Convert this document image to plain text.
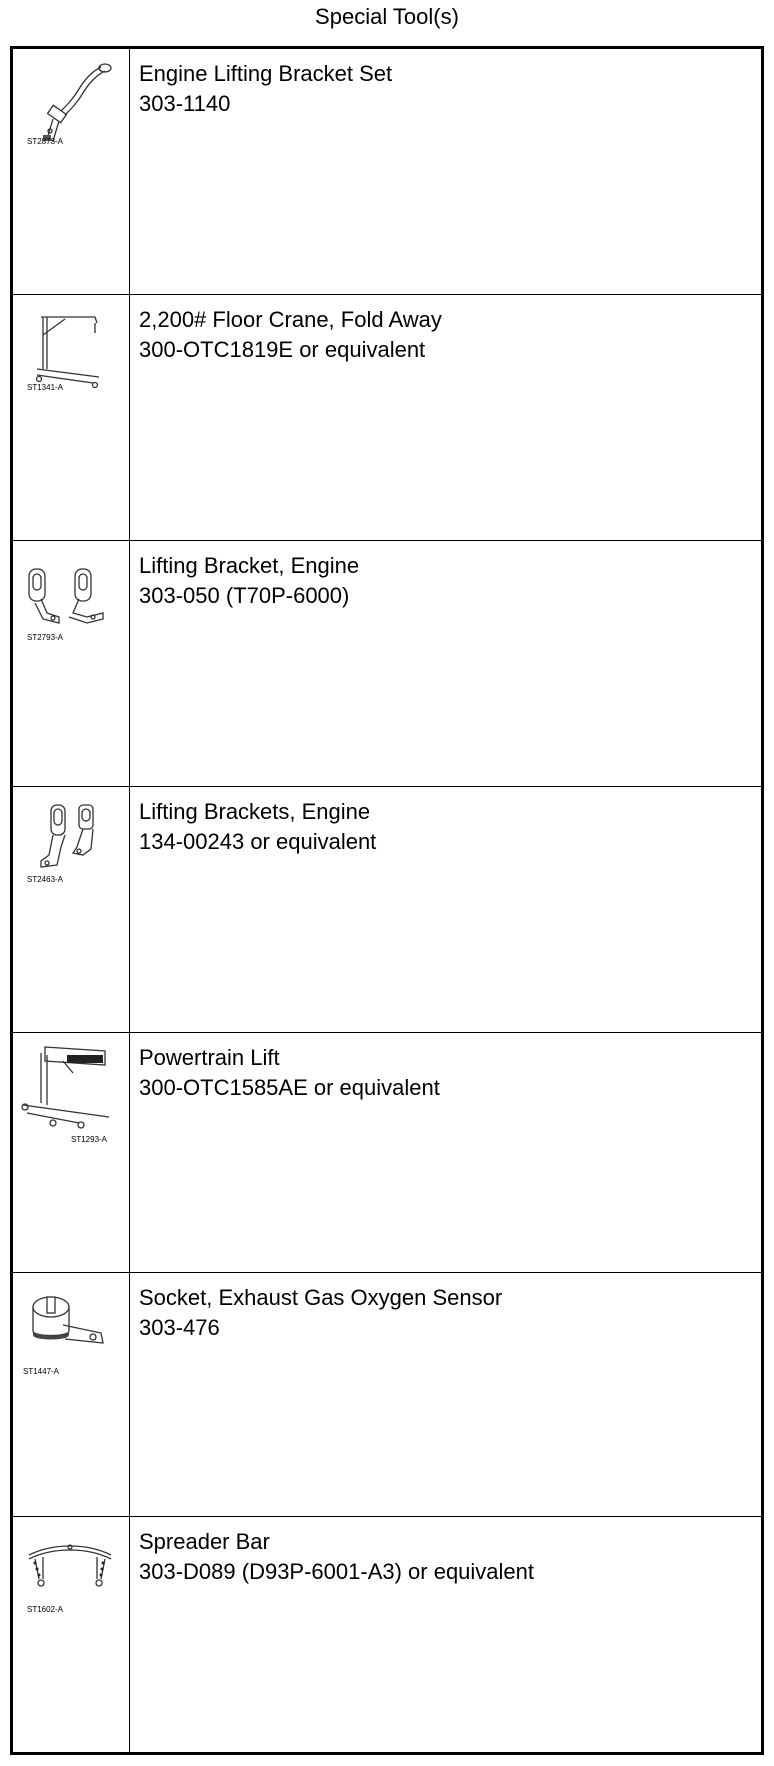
Special Tool(s)
ST2873-A
Engine Lifting Bracket Set
303-1140
ST1341-A
2,200# Floor Crane, Fold Away
300-OTC1819E or equivalent
ST2793-A
Lifting Bracket, Engine
303-050 (T70P-6000)
ST2463-A
Lifting Brackets, Engine
134-00243 or equivalent
ST1293-A
Powertrain Lift
300-OTC1585AE or equivalent
ST1447-A
Socket, Exhaust Gas Oxygen Sensor
303-476
ST1602-A
Spreader Bar
303-D089 (D93P-6001-A3) or equivalent
